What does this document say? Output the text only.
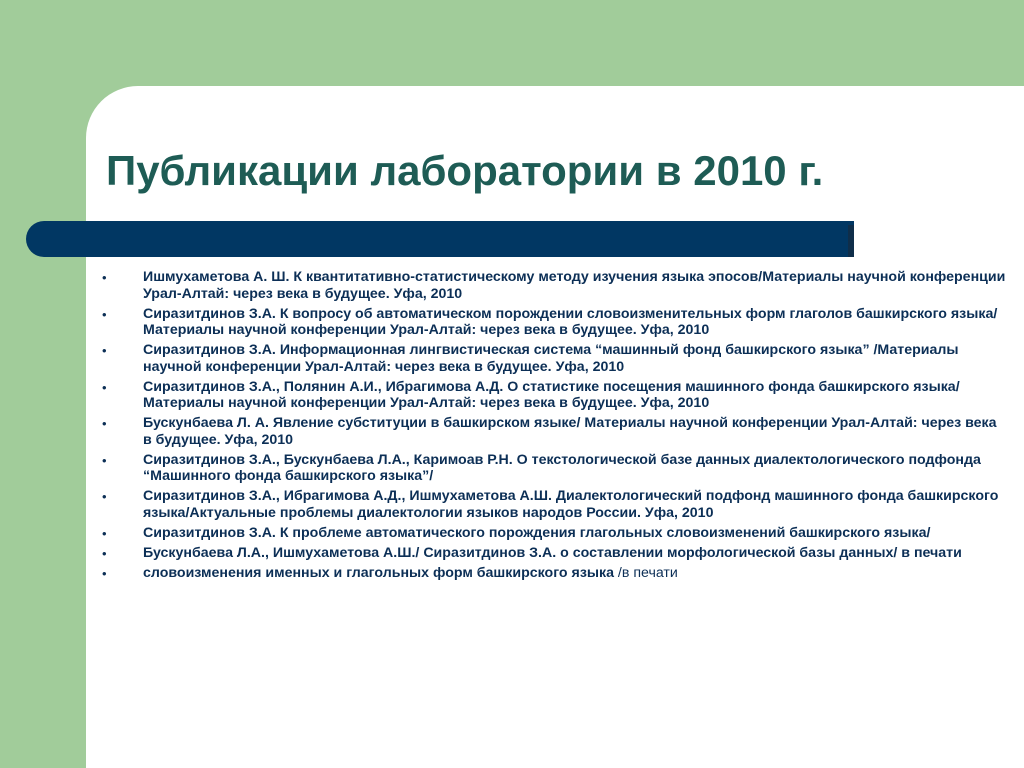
Публикации лаборатории в 2010 г.
•	Ишмухаметова А. Ш. К квантитативно-статистическому методу изучения языка эпосов/Материалы научной конференции Урал-Алтай: через века в будущее. Уфа, 2010
•	Сиразитдинов З.А. К вопросу об автоматическом порождении словоизменительных форм глаголов башкирского языка/Материалы научной конференции Урал-Алтай: через века в будущее. Уфа, 2010
•	Сиразитдинов З.А. Информационная лингвистическая система “машинный фонд башкирского языка” /Материалы научной конференции Урал-Алтай: через века в будущее. Уфа, 2010
•	Сиразитдинов З.А., Полянин А.И., Ибрагимова А.Д. О статистике посещения машинного фонда башкирского языка/Материалы научной конференции Урал-Алтай: через века в будущее. Уфа, 2010
•	Бускунбаева Л. А. Явление субституции в башкирском языке/ Материалы научной конференции Урал-Алтай: через века в будущее. Уфа, 2010
•	Сиразитдинов З.А., Бускунбаева Л.А., Каримоав Р.Н. О текстологической базе данных диалектологического подфонда “Машинного фонда башкирского языка”/
•	Сиразитдинов З.А., Ибрагимова А.Д., Ишмухаметова А.Ш. Диалектологический подфонд машинного фонда башкирского языка/Актуальные проблемы диалектологии языков народов России. Уфа, 2010
•	Сиразитдинов З.А. К проблеме автоматического порождения глагольных словоизменений башкирского языка/
•	Бускунбаева Л.А., Ишмухаметова А.Ш./ Сиразитдинов З.А. о составлении морфологической базы данных/ в печати
•	словоизменения именных и глагольных форм башкирского языка /в печати
